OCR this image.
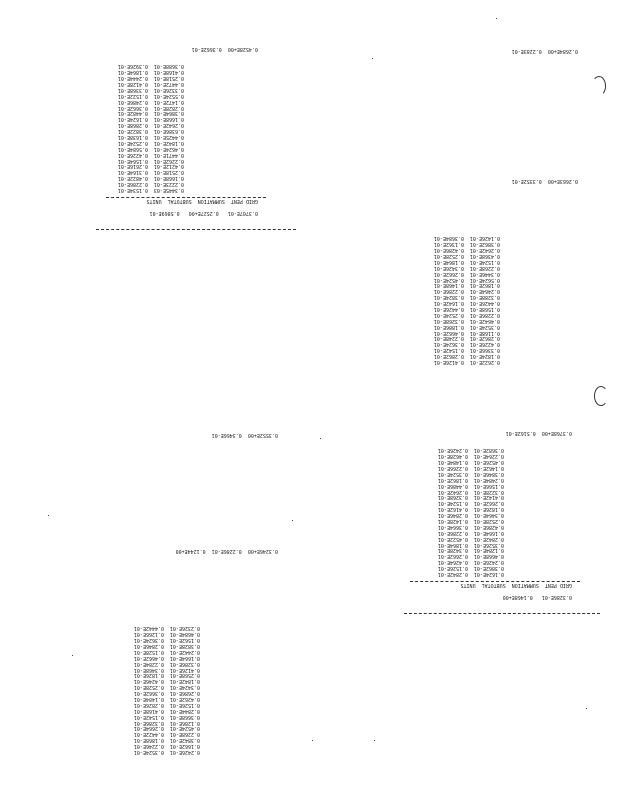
0.3707E-01   0.2527E+00   0.5869E-01

GRID PENT  SUMMATION  SUBTOTAL  UNITS

0.3445E-030.1534E-01
0.2223E-010.2286E-01
0.1668E-010.4822E-01
0.2518E-010.3164E-01
0.4212E-010.2616E-01
0.2262E-010.1564E-01
0.4471E-010.4226E-01
0.4624E-010.5684E-01
0.1842E-010.2524E-01
0.4425E-010.1638E-01
0.6386E-010.3822E-01
0.2642E-010.2868E-01
0.1668E-010.1624E-01
0.3864E-010.4482E-01
0.2828E-010.3662E-01
0.1472E-010.2486E-01
0.5524E-010.1522E-01
0.3326E-010.3368E-01
0.4472E-010.4128E-01
0.2518E-010.2444E-01
0.4168E-010.1864E-01
0.3688E-010.3926E-01

0.4528E+00  0.3662E-01

0.2622E-010.4126E-01
0.1824E-010.2862E-01
0.3366E-010.1542E-01
0.4226E-010.3624E-01
0.2862E-010.2248E-01
0.1168E-010.4662E-01
0.3524E-010.1886E-01
0.4642E-010.3268E-01
0.2286E-010.2524E-01
0.1568E-010.4426E-01
0.4426E-010.1642E-01
0.3288E-010.3824E-01
0.2464E-010.2286E-01
0.1862E-010.1468E-01
0.5624E-010.4524E-01
0.3446E-010.2662E-01
0.2268E-010.3426E-01
0.1524E-010.1864E-01
0.4368E-010.2528E-01
0.2642E-010.4286E-01
0.3862E-010.1362E-01
0.1426E-010.3684E-01

0.2663E+00  0.3352E-01

0.2684E+00  0.2283E-01

0.2426E-010.3524E-01
0.1662E-010.2246E-01
0.3842E-010.1868E-01
0.2268E-010.4422E-01
0.4524E-010.2664E-01
0.1286E-010.3286E-01
0.3668E-010.1542E-01
0.2844E-010.4168E-01
0.1526E-010.2826E-01
0.4262E-010.1484E-01
0.2686E-010.3662E-01
0.3424E-010.2528E-01
0.1842E-010.4246E-01
0.2568E-010.1826E-01
0.4126E-010.3468E-01
0.3286E-010.2284E-01
0.1664E-010.4662E-01
0.2442E-010.1528E-01
0.3828E-010.2846E-01
0.1562E-010.3624E-01
0.4684E-010.1266E-01
0.2326E-010.4442E-01

0.3246E+00  0.2286E-01  0.1244E+00

0.3552E+00  0.3466E-01

0.3286E-01   0.1468E+00

GRID PENT  SUMMATION  SUBTOTAL  UNITS

0.1624E-010.2842E-01
0.3862E-010.1526E-01
0.2426E-010.4264E-01
0.4668E-010.2662E-01
0.1284E-010.3428E-01
0.3526E-010.1864E-01
0.2842E-010.4522E-01
0.1664E-010.2286E-01
0.4286E-010.3664E-01
0.2528E-010.1428E-01
0.3464E-010.2846E-01
0.1826E-010.4162E-01
0.2662E-010.1524E-01
0.4142E-010.3268E-01
0.3228E-010.2642E-01
0.1566E-010.4486E-01
0.2484E-010.1862E-01
0.3846E-010.3524E-01
0.1462E-010.2266E-01
0.4526E-010.1484E-01
0.2264E-010.4628E-01
0.3682E-010.2426E-01

0.3768E+00  0.5162E-01
